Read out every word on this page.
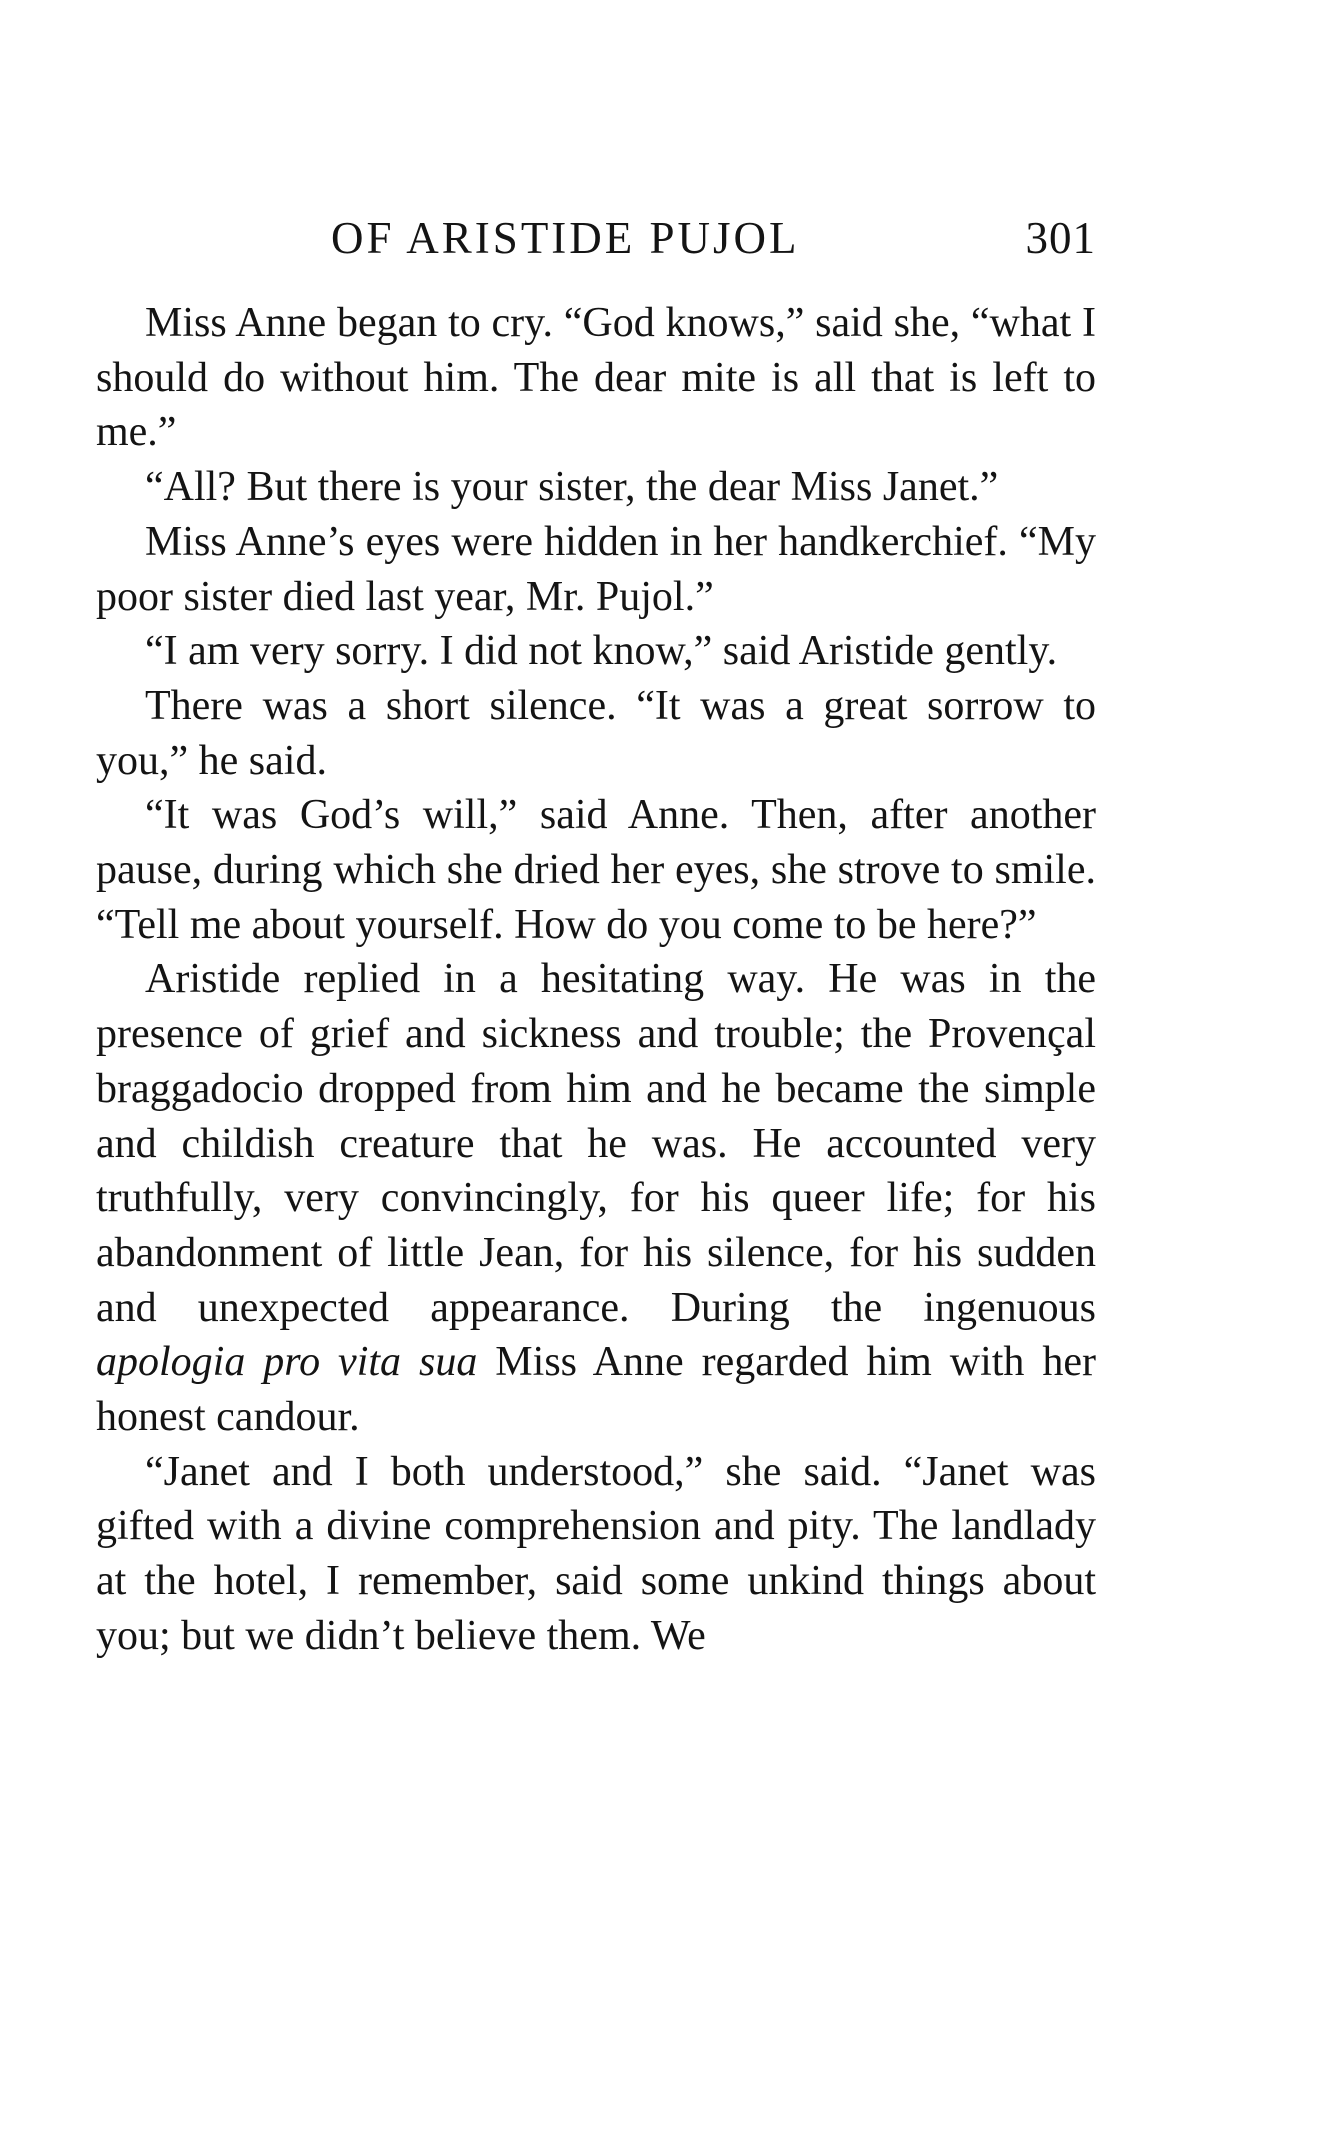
OF ARISTIDE PUJOL	301

Miss Anne began to cry. “God knows,” said she, “what I should do without him. The dear mite is all that is left to me.”

“All? But there is your sister, the dear Miss Janet.”

Miss Anne’s eyes were hidden in her handkerchief. “My poor sister died last year, Mr. Pujol.”

“I am very sorry. I did not know,” said Aristide gently.

There was a short silence. “It was a great sorrow to you,” he said.

“It was God’s will,” said Anne. Then, after another pause, during which she dried her eyes, she strove to smile. “Tell me about yourself. How do you come to be here?”

Aristide replied in a hesitating way. He was in the presence of grief and sickness and trouble; the Provençal braggadocio dropped from him and he became the simple and childish creature that he was. He accounted very truthfully, very convincingly, for his queer life; for his abandonment of little Jean, for his silence, for his sudden and unexpected appearance. During the ingenuous apologia pro vita sua Miss Anne regarded him with her honest candour.

“Janet and I both understood,” she said. “Janet was gifted with a divine comprehension and pity. The landlady at the hotel, I remember, said some unkind things about you; but we didn’t believe them. We
